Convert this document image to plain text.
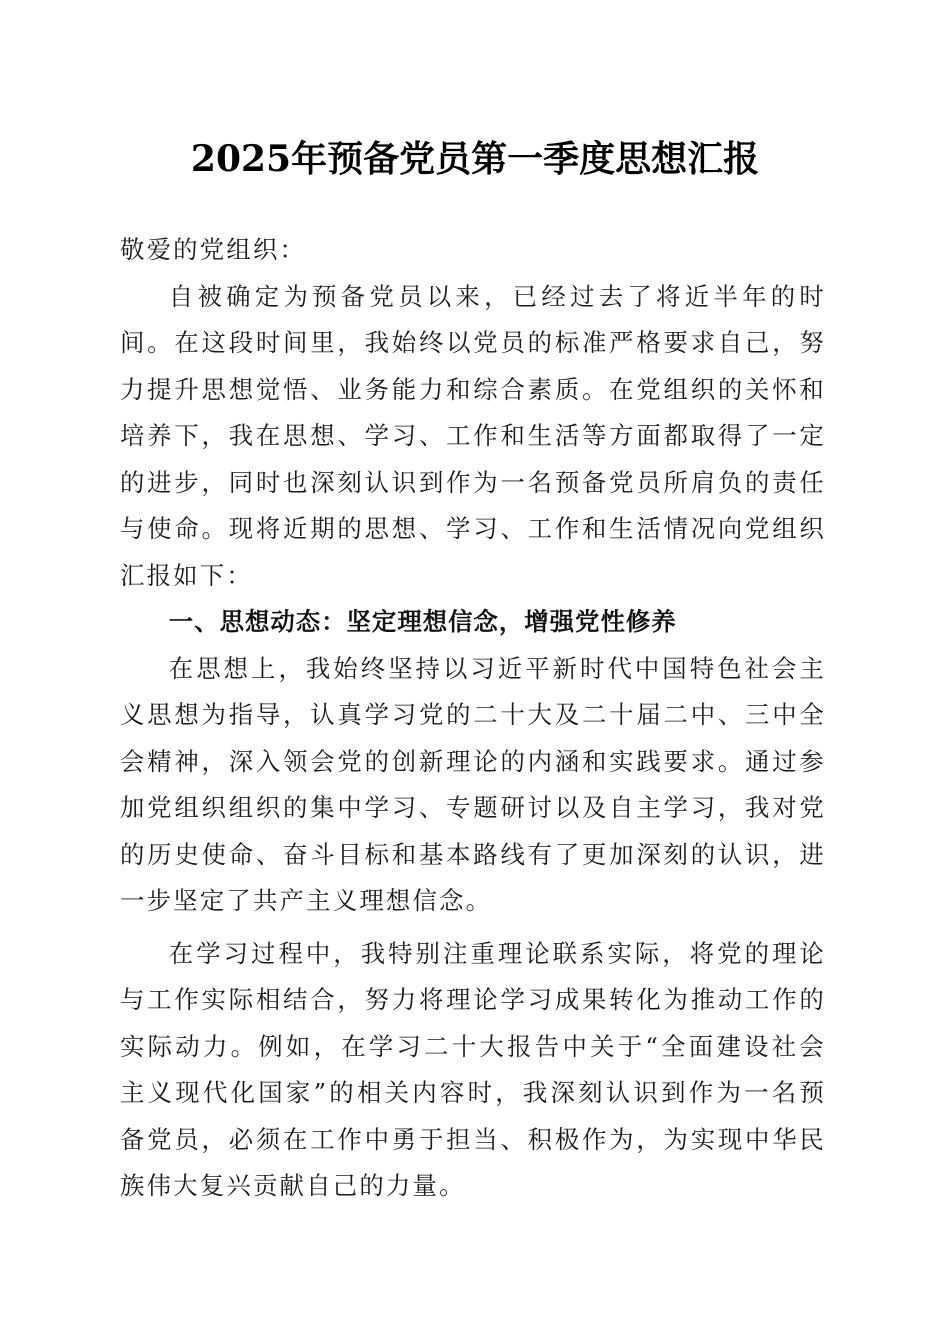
2025年预备党员第一季度思想汇报

敬爱的党组织：

自被确定为预备党员以来，已经过去了将近半年的时间。在这段时间里，我始终以党员的标准严格要求自己，努力提升思想觉悟、业务能力和综合素质。在党组织的关怀和培养下，我在思想、学习、工作和生活等方面都取得了一定的进步，同时也深刻认识到作为一名预备党员所肩负的责任与使命。现将近期的思想、学习、工作和生活情况向党组织汇报如下：

一、思想动态：坚定理想信念，增强党性修养

在思想上，我始终坚持以习近平新时代中国特色社会主义思想为指导，认真学习党的二十大及二十届二中、三中全会精神，深入领会党的创新理论的内涵和实践要求。通过参加党组织组织的集中学习、专题研讨以及自主学习，我对党的历史使命、奋斗目标和基本路线有了更加深刻的认识，进一步坚定了共产主义理想信念。

在学习过程中，我特别注重理论联系实际，将党的理论与工作实际相结合，努力将理论学习成果转化为推动工作的实际动力。例如，在学习二十大报告中关于“全面建设社会主义现代化国家”的相关内容时，我深刻认识到作为一名预备党员，必须在工作中勇于担当、积极作为，为实现中华民族伟大复兴贡献自己的力量。
